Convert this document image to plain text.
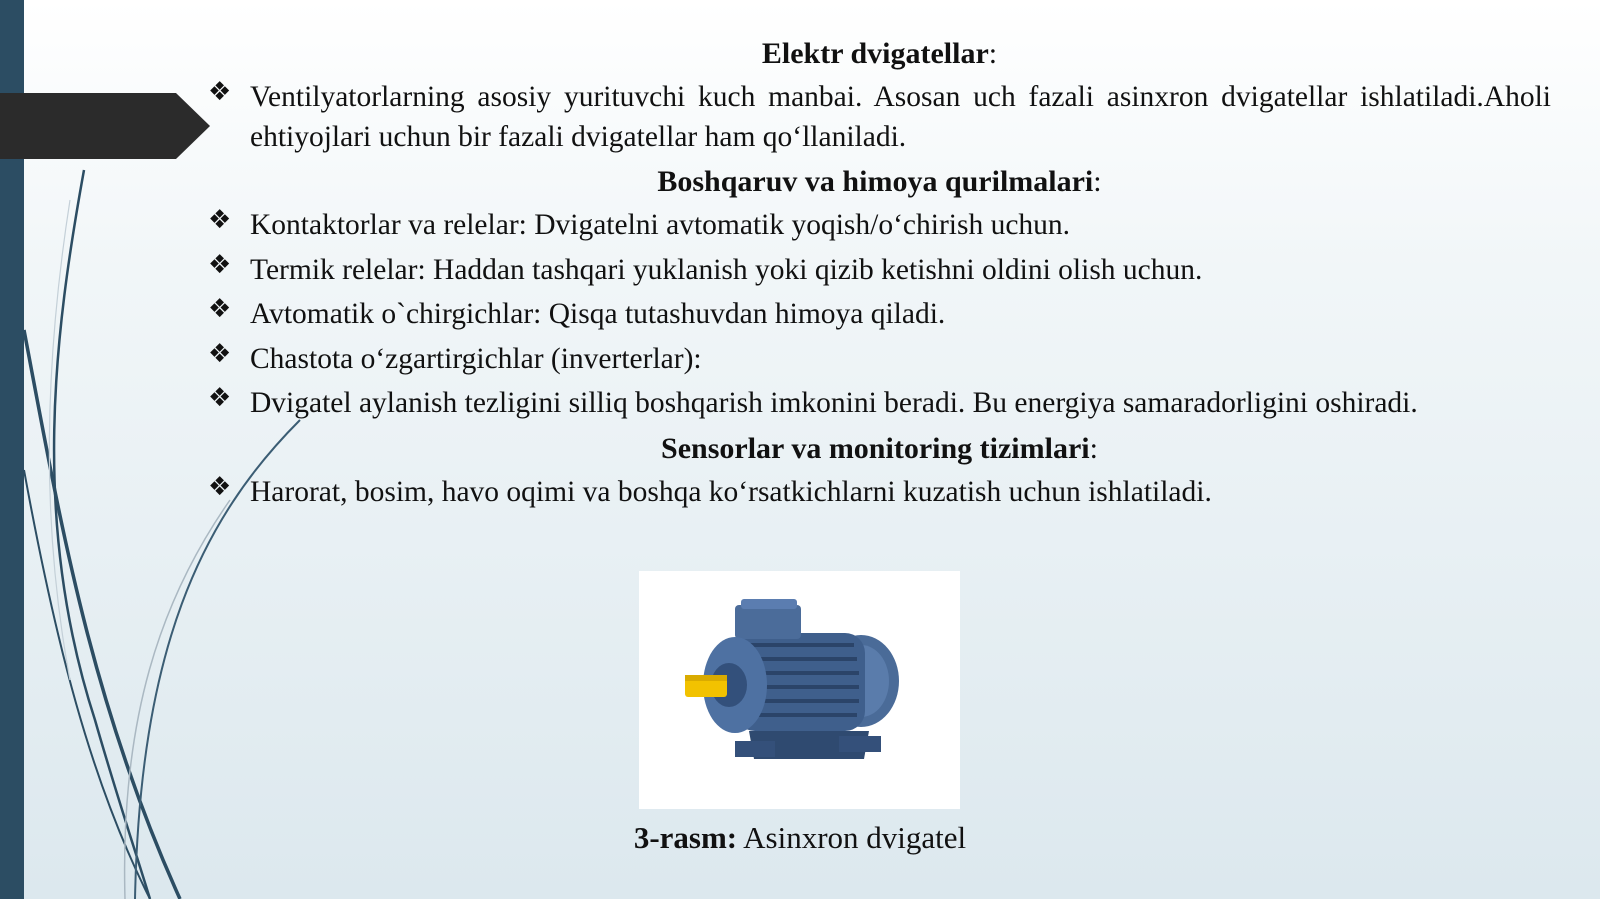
Elektr dvigatellar:
❖ Ventilyatorlarning asosiy yurituvchi kuch manbai. Asosan uch fazali asinxron dvigatellar ishlatiladi.Aholi ehtiyojlari uchun bir fazali dvigatellar ham qo‘llaniladi.
Boshqaruv va himoya qurilmalari:
❖ Kontaktorlar va relelar: Dvigatelni avtomatik yoqish/o‘chirish uchun.
❖ Termik relelar: Haddan tashqari yuklanish yoki qizib ketishni oldini olish uchun.
❖ Avtomatik o`chirgichlar: Qisqa tutashuvdan himoya qiladi.
❖ Chastota o‘zgartirgichlar (inverterlar):
❖ Dvigatel aylanish tezligini silliq boshqarish imkonini beradi. Bu energiya samaradorligini oshiradi.
Sensorlar va monitoring tizimlari:
❖ Harorat, bosim, havo oqimi va boshqa ko‘rsatkichlarni kuzatish uchun ishlatiladi.
3-rasm: Asinxron dvigatel
